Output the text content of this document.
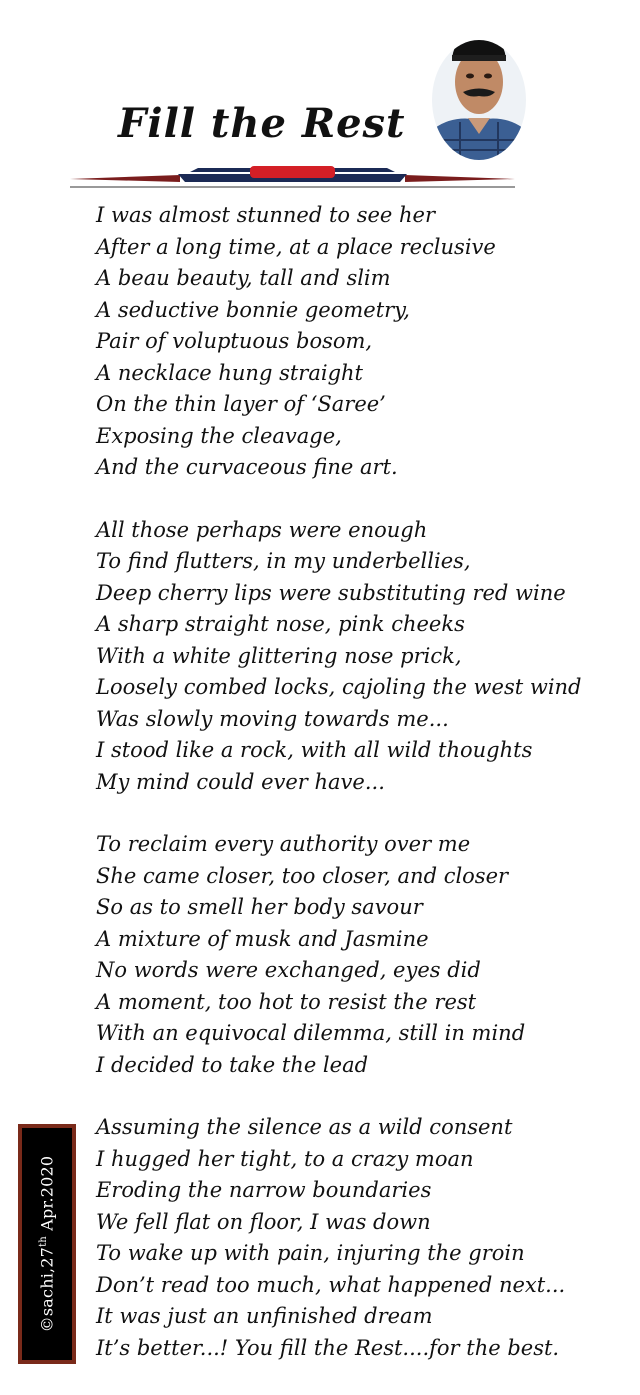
Fill the Rest
I was almost stunned to see her
After a long time, at a place reclusive
A beau beauty, tall and slim
A seductive bonnie geometry,
Pair of voluptuous bosom,
A necklace hung straight
On the thin layer of ‘Saree’
Exposing the cleavage,
And the curvaceous fine art.
All those perhaps were enough
To find flutters, in my underbellies,
Deep cherry lips were substituting red wine
A sharp straight nose, pink cheeks
With a white glittering nose prick,
Loosely combed locks, cajoling the west wind
Was slowly moving towards me...
I stood like a rock, with all wild thoughts
My mind could ever have...
To reclaim every authority over me
She came closer, too closer, and closer
So as to smell her body savour
A mixture of musk and Jasmine
No words were exchanged, eyes did
A moment, too hot to resist the rest
With an equivocal dilemma, still in mind
I decided to take the lead
Assuming the silence as a wild consent
I hugged her tight, to a crazy moan
Eroding the narrow boundaries
We fell flat on floor, I was down
To wake up with pain, injuring the groin
Don’t read too much, what happened next...
It was just an unfinished dream
It’s better...! You fill the Rest....for the best.
©sachi,27th Apr.2020
